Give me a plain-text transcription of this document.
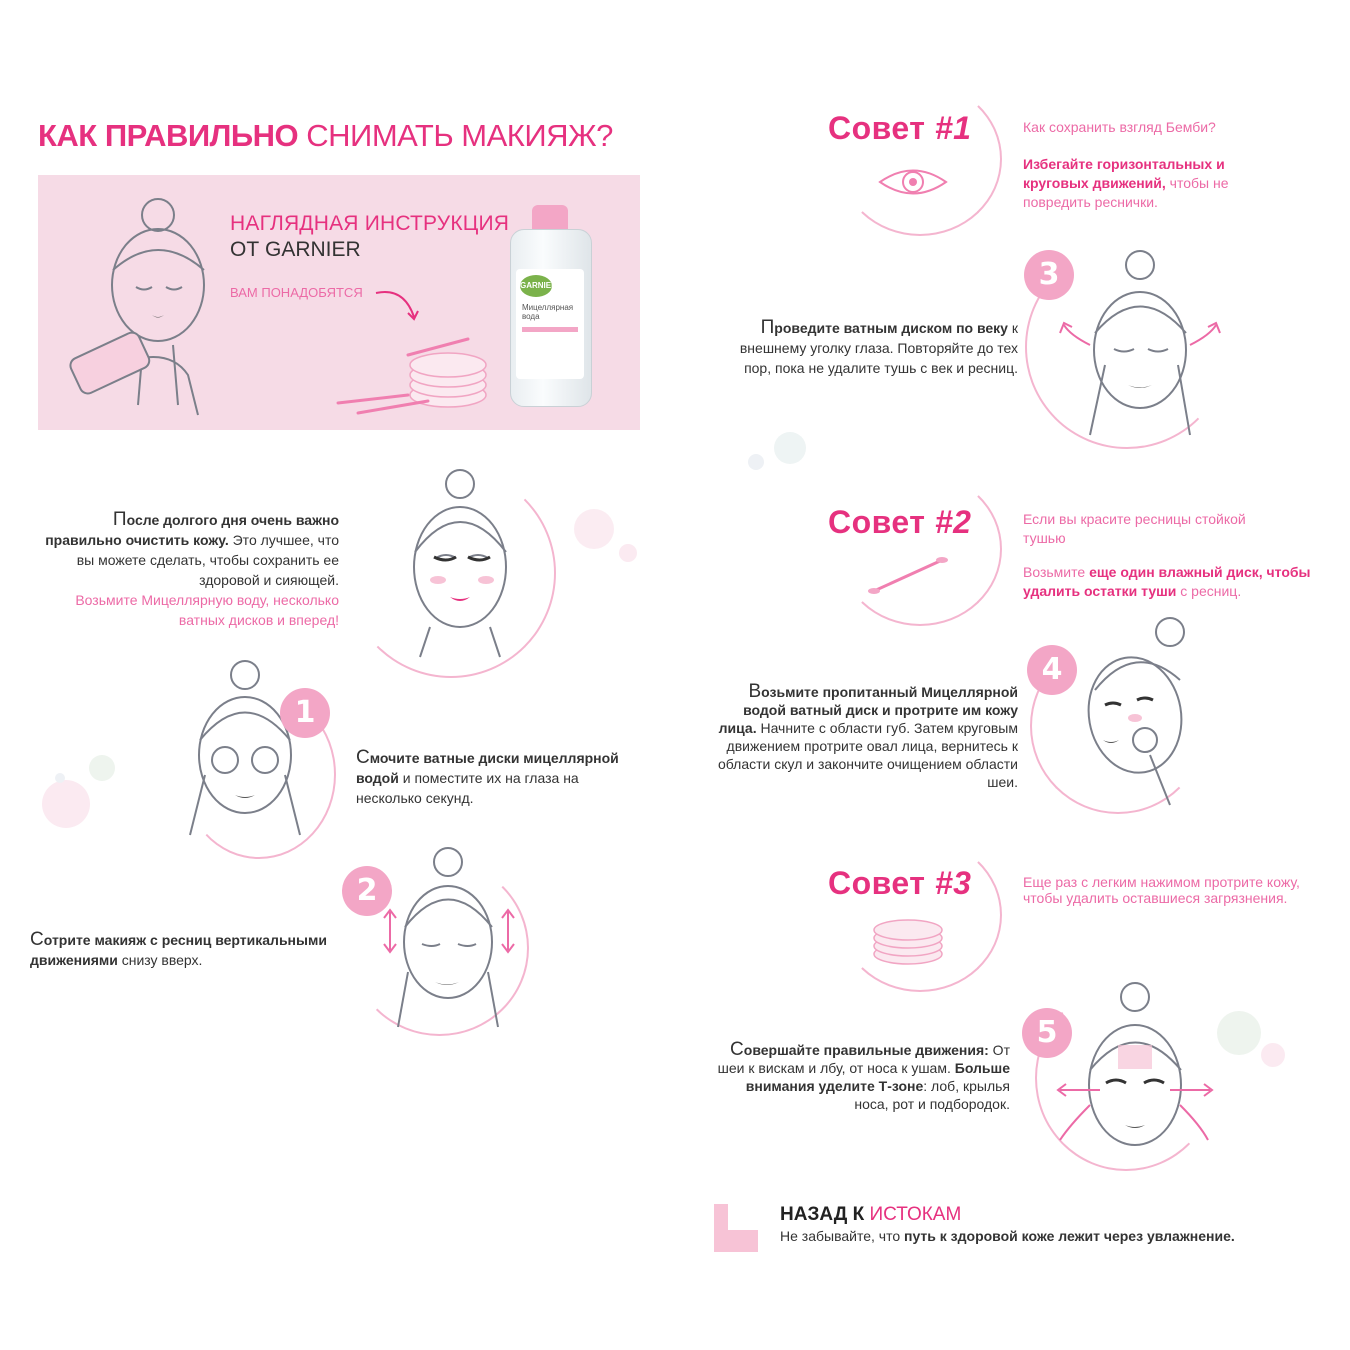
КАК ПРАВИЛЬНО СНИМАТЬ МАКИЯЖ?
НАГЛЯДНАЯ ИНСТРУКЦИЯ
ОТ GARNIER
ВАМ ПОНАДОБЯТСЯ	GARNIER
Мицеллярная вода
После долгого дня очень важно правильно очистить кожу. Это лучшее, что вы можете сделать, чтобы сохранить ее здоровой и сияющей.
Возьмите Мицеллярную воду, несколько ватных дисков и вперед!
1
Смочите ватные диски мицеллярной водой и поместите их на глаза на несколько секунд.
2
Сотрите макияж с ресниц вертикальными движениями снизу вверх.
Совет #1	Как сохранить взгляд Бемби?
Избегайте горизонтальных и круговых движений, чтобы не повредить реснички.
3
Проведите ватным диском по веку к внешнему уголку глаза. Повторяйте до тех пор, пока не удалите тушь с век и ресниц.
Совет #2	Если вы красите ресницы стойкой тушью
Возьмите еще один влажный диск, чтобы удалить остатки туши с ресниц.
4
Возьмите пропитанный Мицеллярной водой ватный диск и протрите им кожу лица. Начните с области губ. Затем круговым движением протрите овал лица, вернитесь к области скул и закончите очищением области шеи.
Совет #3	Еще раз с легким нажимом протрите кожу, чтобы удалить оставшиеся загрязнения.
5
Совершайте правильные движения: От шеи к вискам и лбу, от носа к ушам. Больше внимания уделите Т-зоне: лоб, крылья носа, рот и подбородок.
НАЗАД К ИСТОКАМ
Не забывайте, что путь к здоровой коже лежит через увлажнение.
